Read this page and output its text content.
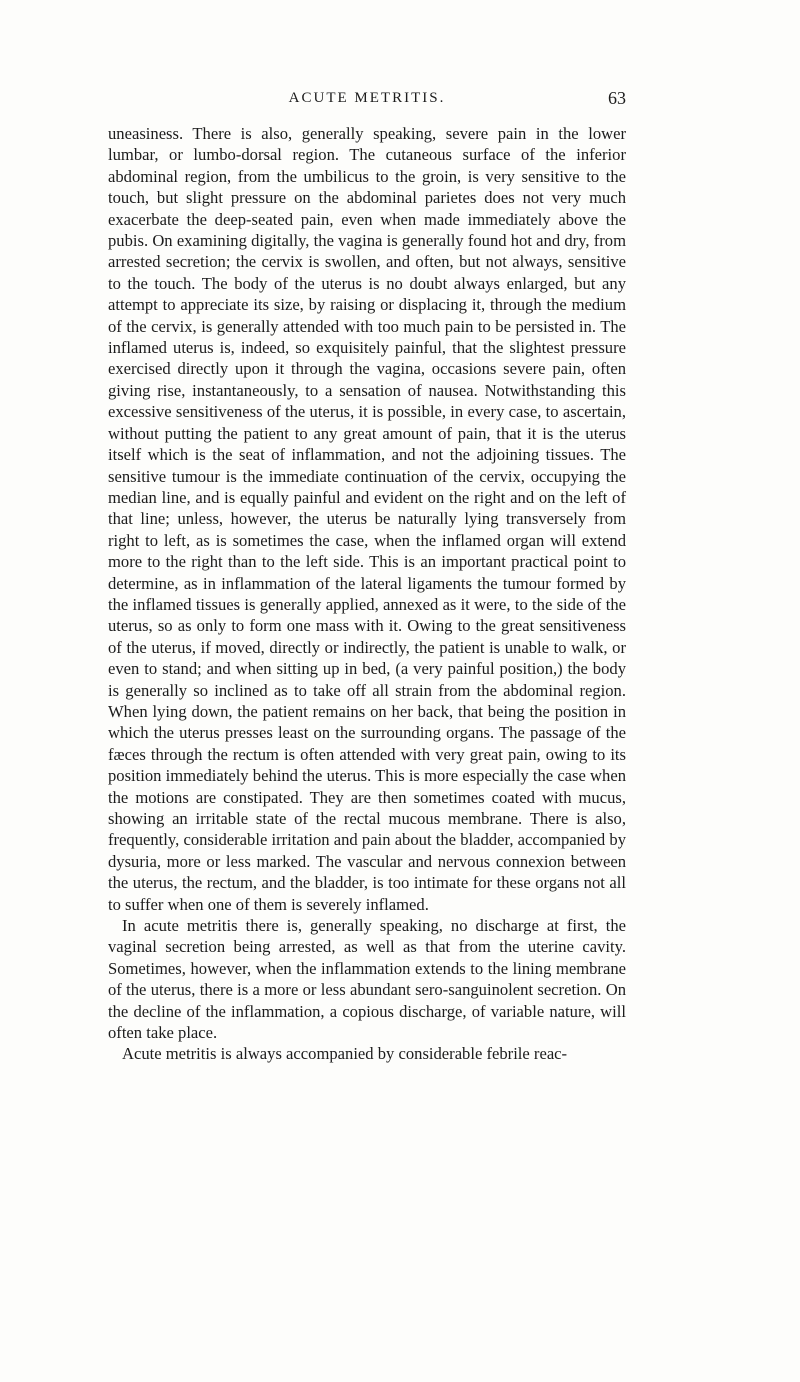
ACUTE METRITIS.	63

uneasiness. There is also, generally speaking, severe pain in the lower lumbar, or lumbo-dorsal region. The cutaneous surface of the inferior abdominal region, from the umbilicus to the groin, is very sensitive to the touch, but slight pressure on the abdominal parietes does not very much exacerbate the deep-seated pain, even when made immediately above the pubis. On examining digitally, the vagina is generally found hot and dry, from arrested secretion; the cervix is swollen, and often, but not always, sensitive to the touch. The body of the uterus is no doubt always enlarged, but any attempt to appreciate its size, by raising or displacing it, through the medium of the cervix, is generally attended with too much pain to be persisted in. The inflamed uterus is, indeed, so exquisitely painful, that the slightest pressure exercised directly upon it through the vagina, occasions severe pain, often giving rise, instantaneously, to a sensation of nausea. Notwithstanding this excessive sensitiveness of the uterus, it is possible, in every case, to ascertain, without putting the patient to any great amount of pain, that it is the uterus itself which is the seat of inflammation, and not the adjoining tissues. The sensitive tumour is the immediate continuation of the cervix, occupying the median line, and is equally painful and evident on the right and on the left of that line; unless, however, the uterus be naturally lying transversely from right to left, as is sometimes the case, when the inflamed organ will extend more to the right than to the left side. This is an important practical point to determine, as in inflammation of the lateral ligaments the tumour formed by the inflamed tissues is generally applied, annexed as it were, to the side of the uterus, so as only to form one mass with it. Owing to the great sensitiveness of the uterus, if moved, directly or indirectly, the patient is unable to walk, or even to stand; and when sitting up in bed, (a very painful position,) the body is generally so inclined as to take off all strain from the abdominal region. When lying down, the patient remains on her back, that being the position in which the uterus presses least on the surrounding organs. The passage of the fæces through the rectum is often attended with very great pain, owing to its position immediately behind the uterus. This is more especially the case when the motions are constipated. They are then sometimes coated with mucus, showing an irritable state of the rectal mucous membrane. There is also, frequently, considerable irritation and pain about the bladder, accompanied by dysuria, more or less marked. The vascular and nervous connexion between the uterus, the rectum, and the bladder, is too intimate for these organs not all to suffer when one of them is severely inflamed.

In acute metritis there is, generally speaking, no discharge at first, the vaginal secretion being arrested, as well as that from the uterine cavity. Sometimes, however, when the inflammation extends to the lining membrane of the uterus, there is a more or less abundant sero-sanguinolent secretion. On the decline of the inflammation, a copious discharge, of variable nature, will often take place.

Acute metritis is always accompanied by considerable febrile reac-
